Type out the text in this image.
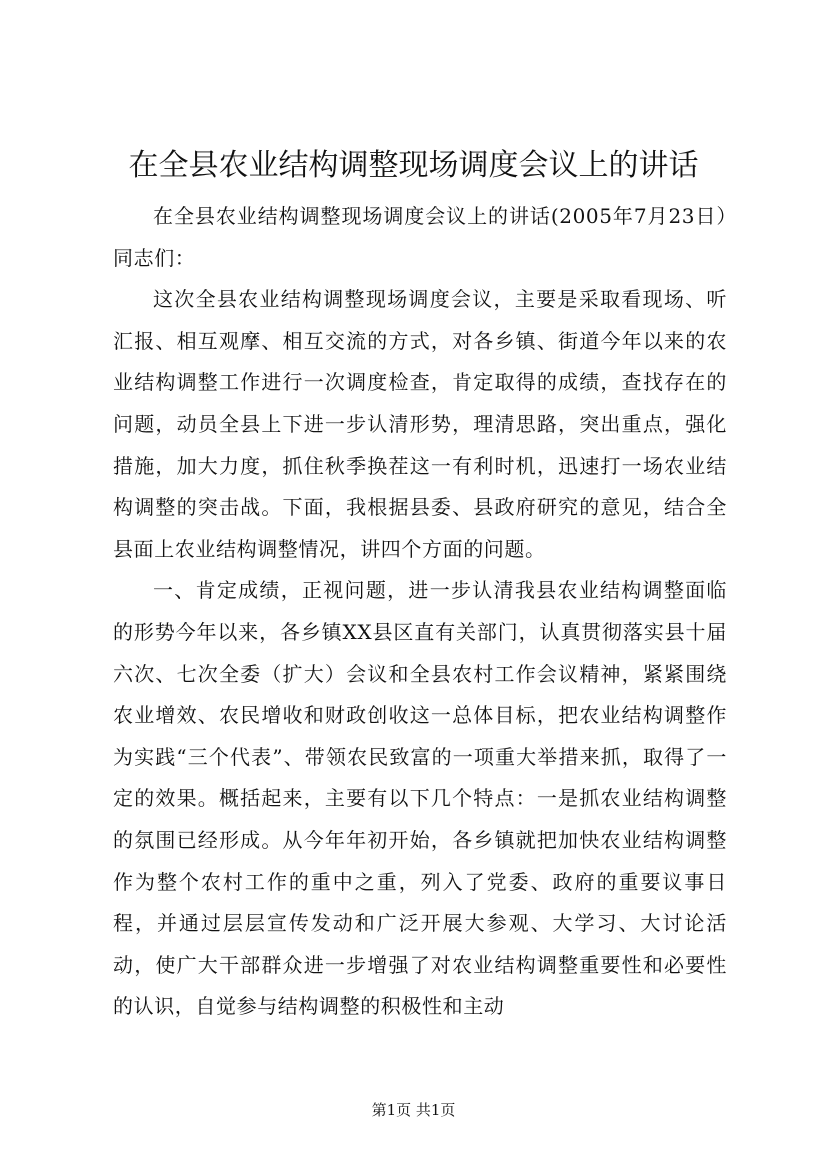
在全县农业结构调整现场调度会议上的讲话

在全县农业结构调整现场调度会议上的讲话(2005年7月23日）同志们：

这次全县农业结构调整现场调度会议，主要是采取看现场、听汇报、相互观摩、相互交流的方式，对各乡镇、街道今年以来的农业结构调整工作进行一次调度检查，肯定取得的成绩，查找存在的问题，动员全县上下进一步认清形势，理清思路，突出重点，强化措施，加大力度，抓住秋季换茬这一有利时机，迅速打一场农业结构调整的突击战。下面，我根据县委、县政府研究的意见，结合全县面上农业结构调整情况，讲四个方面的问题。

一、肯定成绩，正视问题，进一步认清我县农业结构调整面临的形势今年以来，各乡镇XX县区直有关部门，认真贯彻落实县十届六次、七次全委（扩大）会议和全县农村工作会议精神，紧紧围绕农业增效、农民增收和财政创收这一总体目标，把农业结构调整作为实践“三个代表”、带领农民致富的一项重大举措来抓，取得了一定的效果。概括起来，主要有以下几个特点：一是抓农业结构调整的氛围已经形成。从今年年初开始，各乡镇就把加快农业结构调整作为整个农村工作的重中之重，列入了党委、政府的重要议事日程，并通过层层宣传发动和广泛开展大参观、大学习、大讨论活动，使广大干部群众进一步增强了对农业结构调整重要性和必要性的认识，自觉参与结构调整的积极性和主动

第1页 共1页
